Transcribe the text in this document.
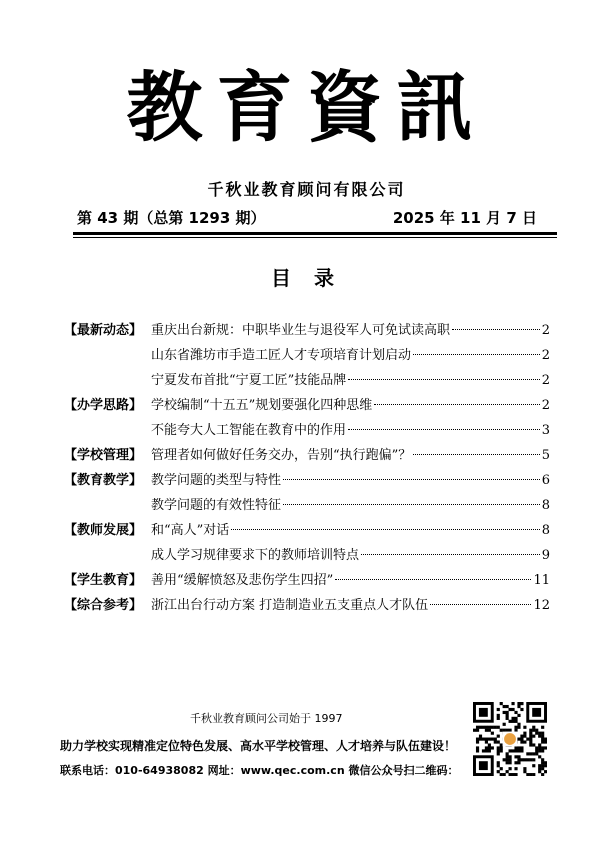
教育資訊
千秋业教育顾问有限公司
第 43 期（总第 1293 期）	2025 年 11 月 7 日
目 录
【最新动态】 重庆出台新规：中职毕业生与退役军人可免试读高职	2
山东省潍坊市手造工匠人才专项培育计划启动	2
宁夏发布首批“宁夏工匠”技能品牌	2
【办学思路】 学校编制“十五五”规划要强化四种思维	2
不能夸大人工智能在教育中的作用	3
【学校管理】 管理者如何做好任务交办，告别“执行跑偏”？	5
【教育教学】 教学问题的类型与特性	6
教学问题的有效性特征	8
【教师发展】 和“高人”对话	8
成人学习规律要求下的教师培训特点	9
【学生教育】 善用“缓解愤怒及悲伤学生四招”	11
【综合参考】 浙江出台行动方案 打造制造业五支重点人才队伍	12
千秋业教育顾问公司始于 1997
助力学校实现精准定位特色发展、高水平学校管理、人才培养与队伍建设！
联系电话：010-64938082 网址：www.qec.com.cn 微信公众号扫二维码：
